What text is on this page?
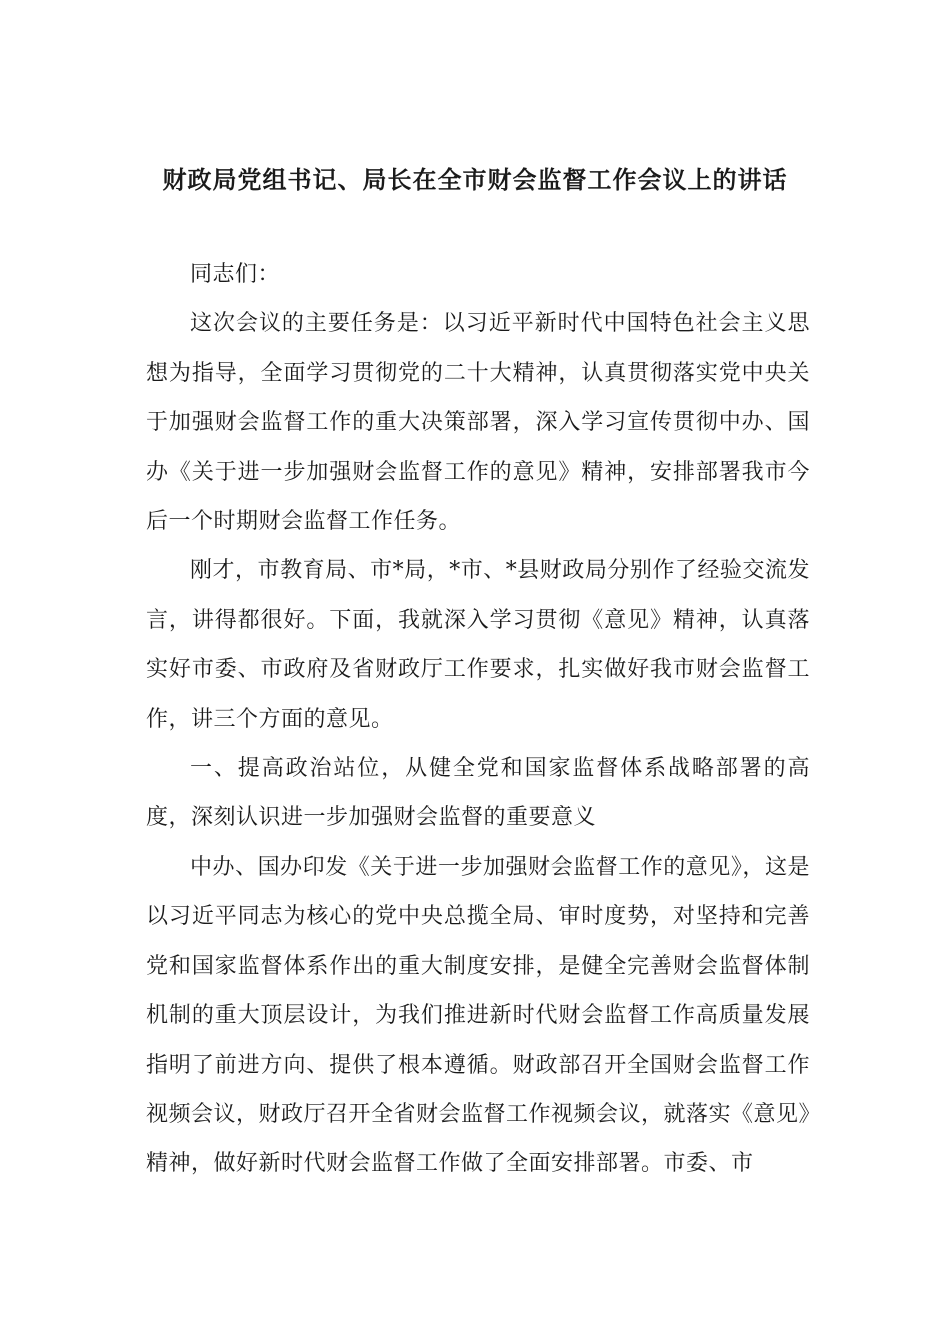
财政局党组书记、局长在全市财会监督工作会议上的讲话

同志们：

这次会议的主要任务是：以习近平新时代中国特色社会主义思想为指导，全面学习贯彻党的二十大精神，认真贯彻落实党中央关于加强财会监督工作的重大决策部署，深入学习宣传贯彻中办、国办《关于进一步加强财会监督工作的意见》精神，安排部署我市今后一个时期财会监督工作任务。

刚才，市教育局、市*局，*市、*县财政局分别作了经验交流发言，讲得都很好。下面，我就深入学习贯彻《意见》精神，认真落实好市委、市政府及省财政厅工作要求，扎实做好我市财会监督工作，讲三个方面的意见。

一、提高政治站位，从健全党和国家监督体系战略部署的高度，深刻认识进一步加强财会监督的重要意义

中办、国办印发《关于进一步加强财会监督工作的意见》，这是以习近平同志为核心的党中央总揽全局、审时度势，对坚持和完善党和国家监督体系作出的重大制度安排，是健全完善财会监督体制机制的重大顶层设计，为我们推进新时代财会监督工作高质量发展指明了前进方向、提供了根本遵循。财政部召开全国财会监督工作视频会议，财政厅召开全省财会监督工作视频会议，就落实《意见》精神，做好新时代财会监督工作做了全面安排部署。市委、市
